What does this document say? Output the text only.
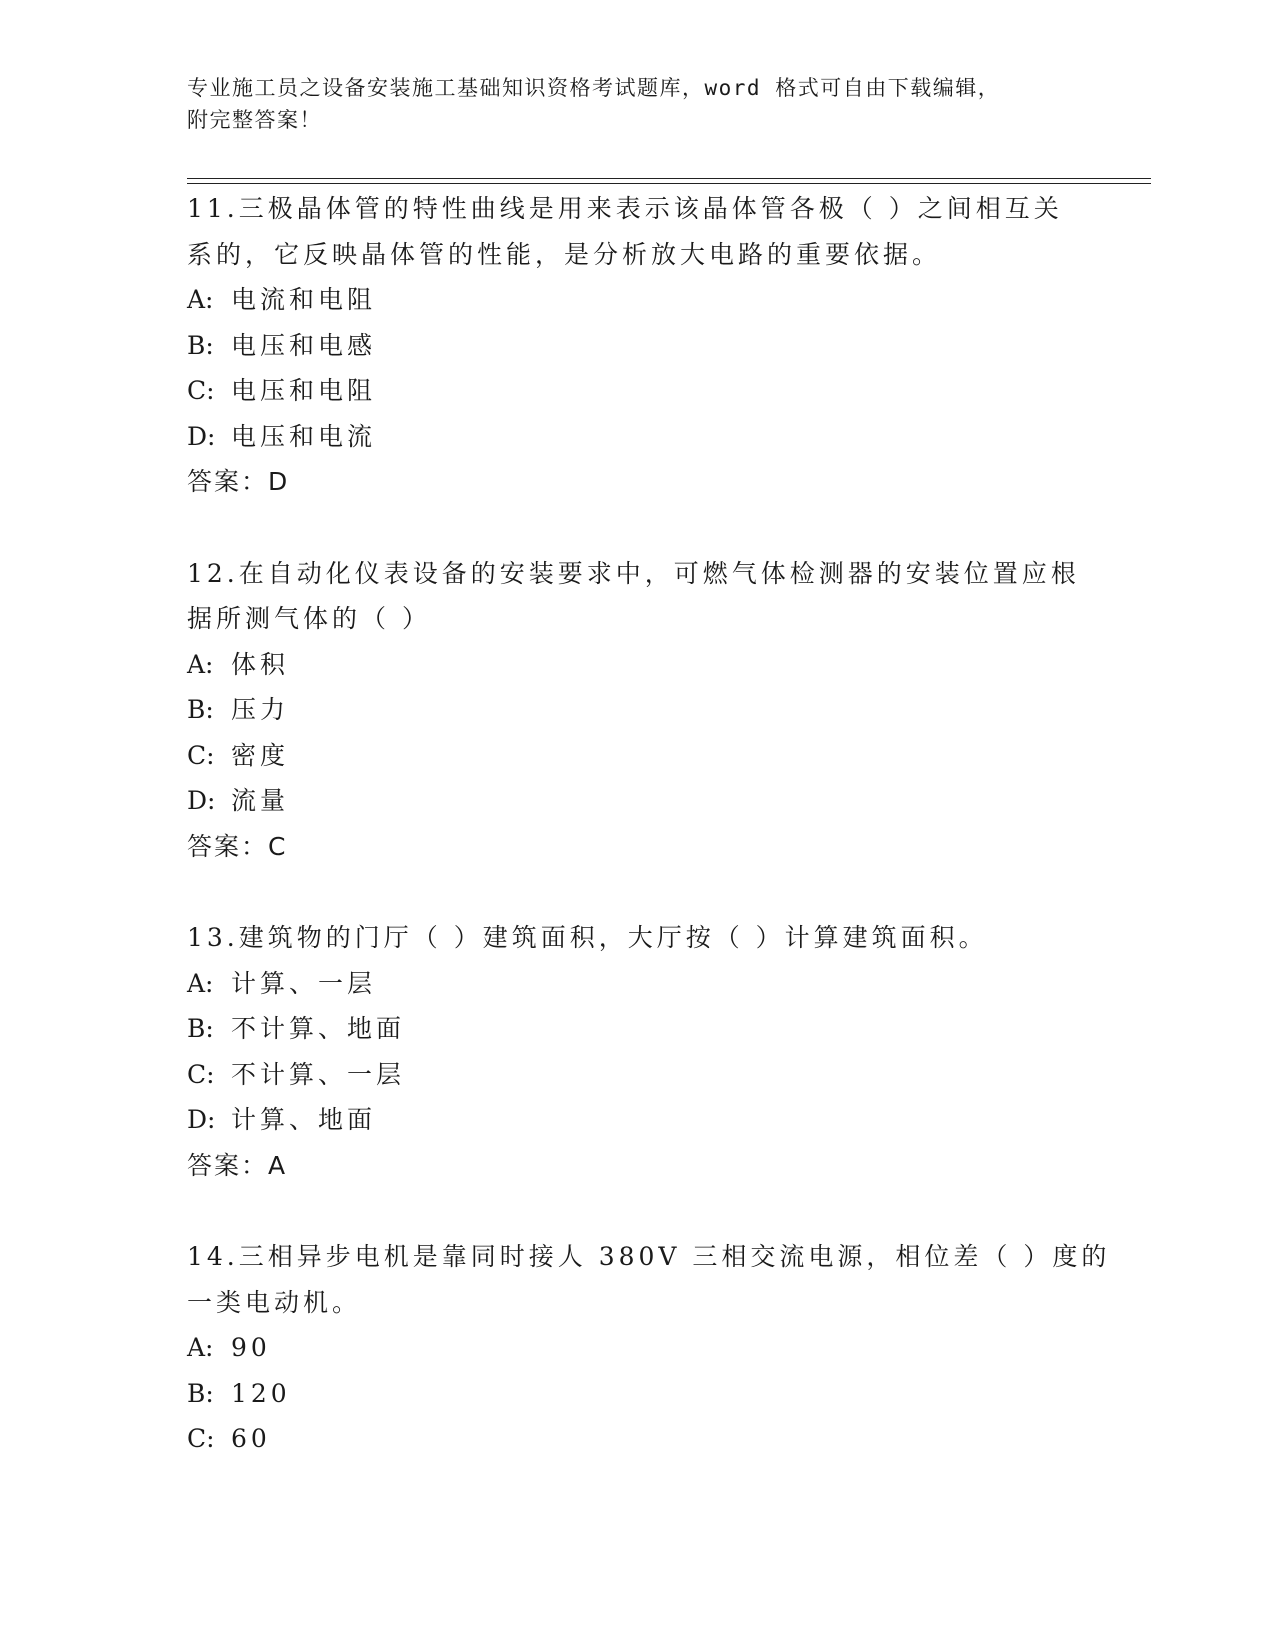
专业施工员之设备安装施工基础知识资格考试题库，word 格式可自由下载编辑，
附完整答案！
11.三极晶体管的特性曲线是用来表示该晶体管各极（ ）之间相互关
系的，它反映晶体管的性能，是分析放大电路的重要依据。
A: 电流和电阻
B: 电压和电感
C: 电压和电阻
D: 电压和电流
答案：D
12.在自动化仪表设备的安装要求中，可燃气体检测器的安装位置应根
据所测气体的（ ）
A: 体积
B: 压力
C: 密度
D: 流量
答案：C
13.建筑物的门厅（ ）建筑面积，大厅按（ ）计算建筑面积。
A: 计算、一层
B: 不计算、地面
C: 不计算、一层
D: 计算、地面
答案：A
14.三相异步电机是靠同时接人 380V 三相交流电源，相位差（ ）度的
一类电动机。
A: 90
B: 120
C: 60
